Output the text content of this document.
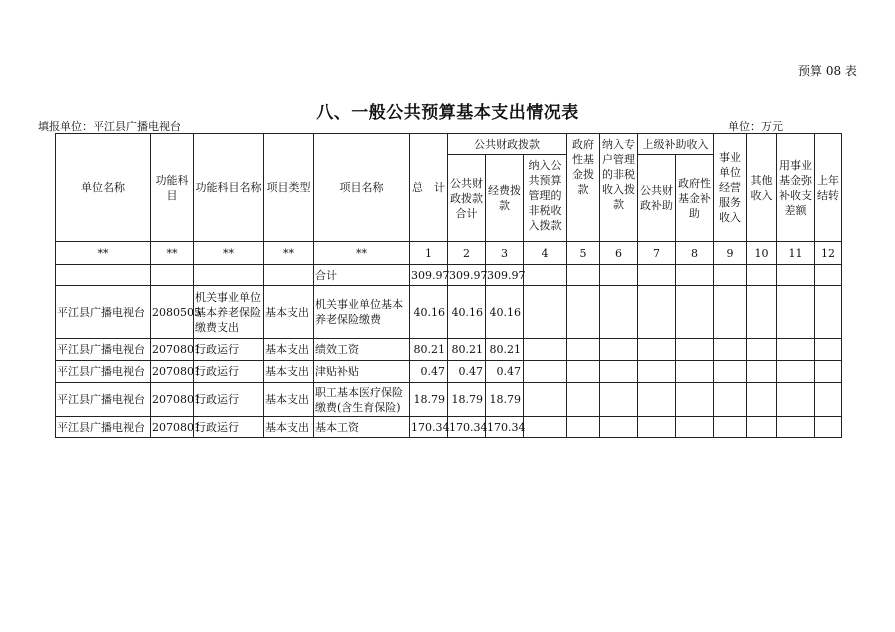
预算 08 表
八、一般公共预算基本支出情况表
填报单位：平江县广播电视台	单位：万元
单位名称	功能科目	功能科目名称	项目类型	项目名称	总　计	公共财政拨款			政府性基金拨款	纳入专户管理的非税收入拨款	上级补助收入		事业单位经营服务收入	其他收入	用事业基金弥补收支差额	上年结转
						公共财政拨款合计	经费拨款	纳入公共预算管理的非税收入拨款			公共财政补助	政府性基金补助				
**	**	**	**	**	1	2	3	4	5	6	7	8	9	10	11	12
				合计	309.97	309.97	309.97									
平江县广播电视台	2080505	机关事业单位基本养老保险缴费支出	基本支出	机关事业单位基本养老保险缴费	40.16	40.16	40.16									
平江县广播电视台	2070801	行政运行	基本支出	绩效工资	80.21	80.21	80.21									
平江县广播电视台	2070801	行政运行	基本支出	津贴补贴	0.47	0.47	0.47									
平江县广播电视台	2070801	行政运行	基本支出	职工基本医疗保险缴费(含生育保险)	18.79	18.79	18.79									
平江县广播电视台	2070801	行政运行	基本支出	基本工资	170.34	170.34	170.34									
